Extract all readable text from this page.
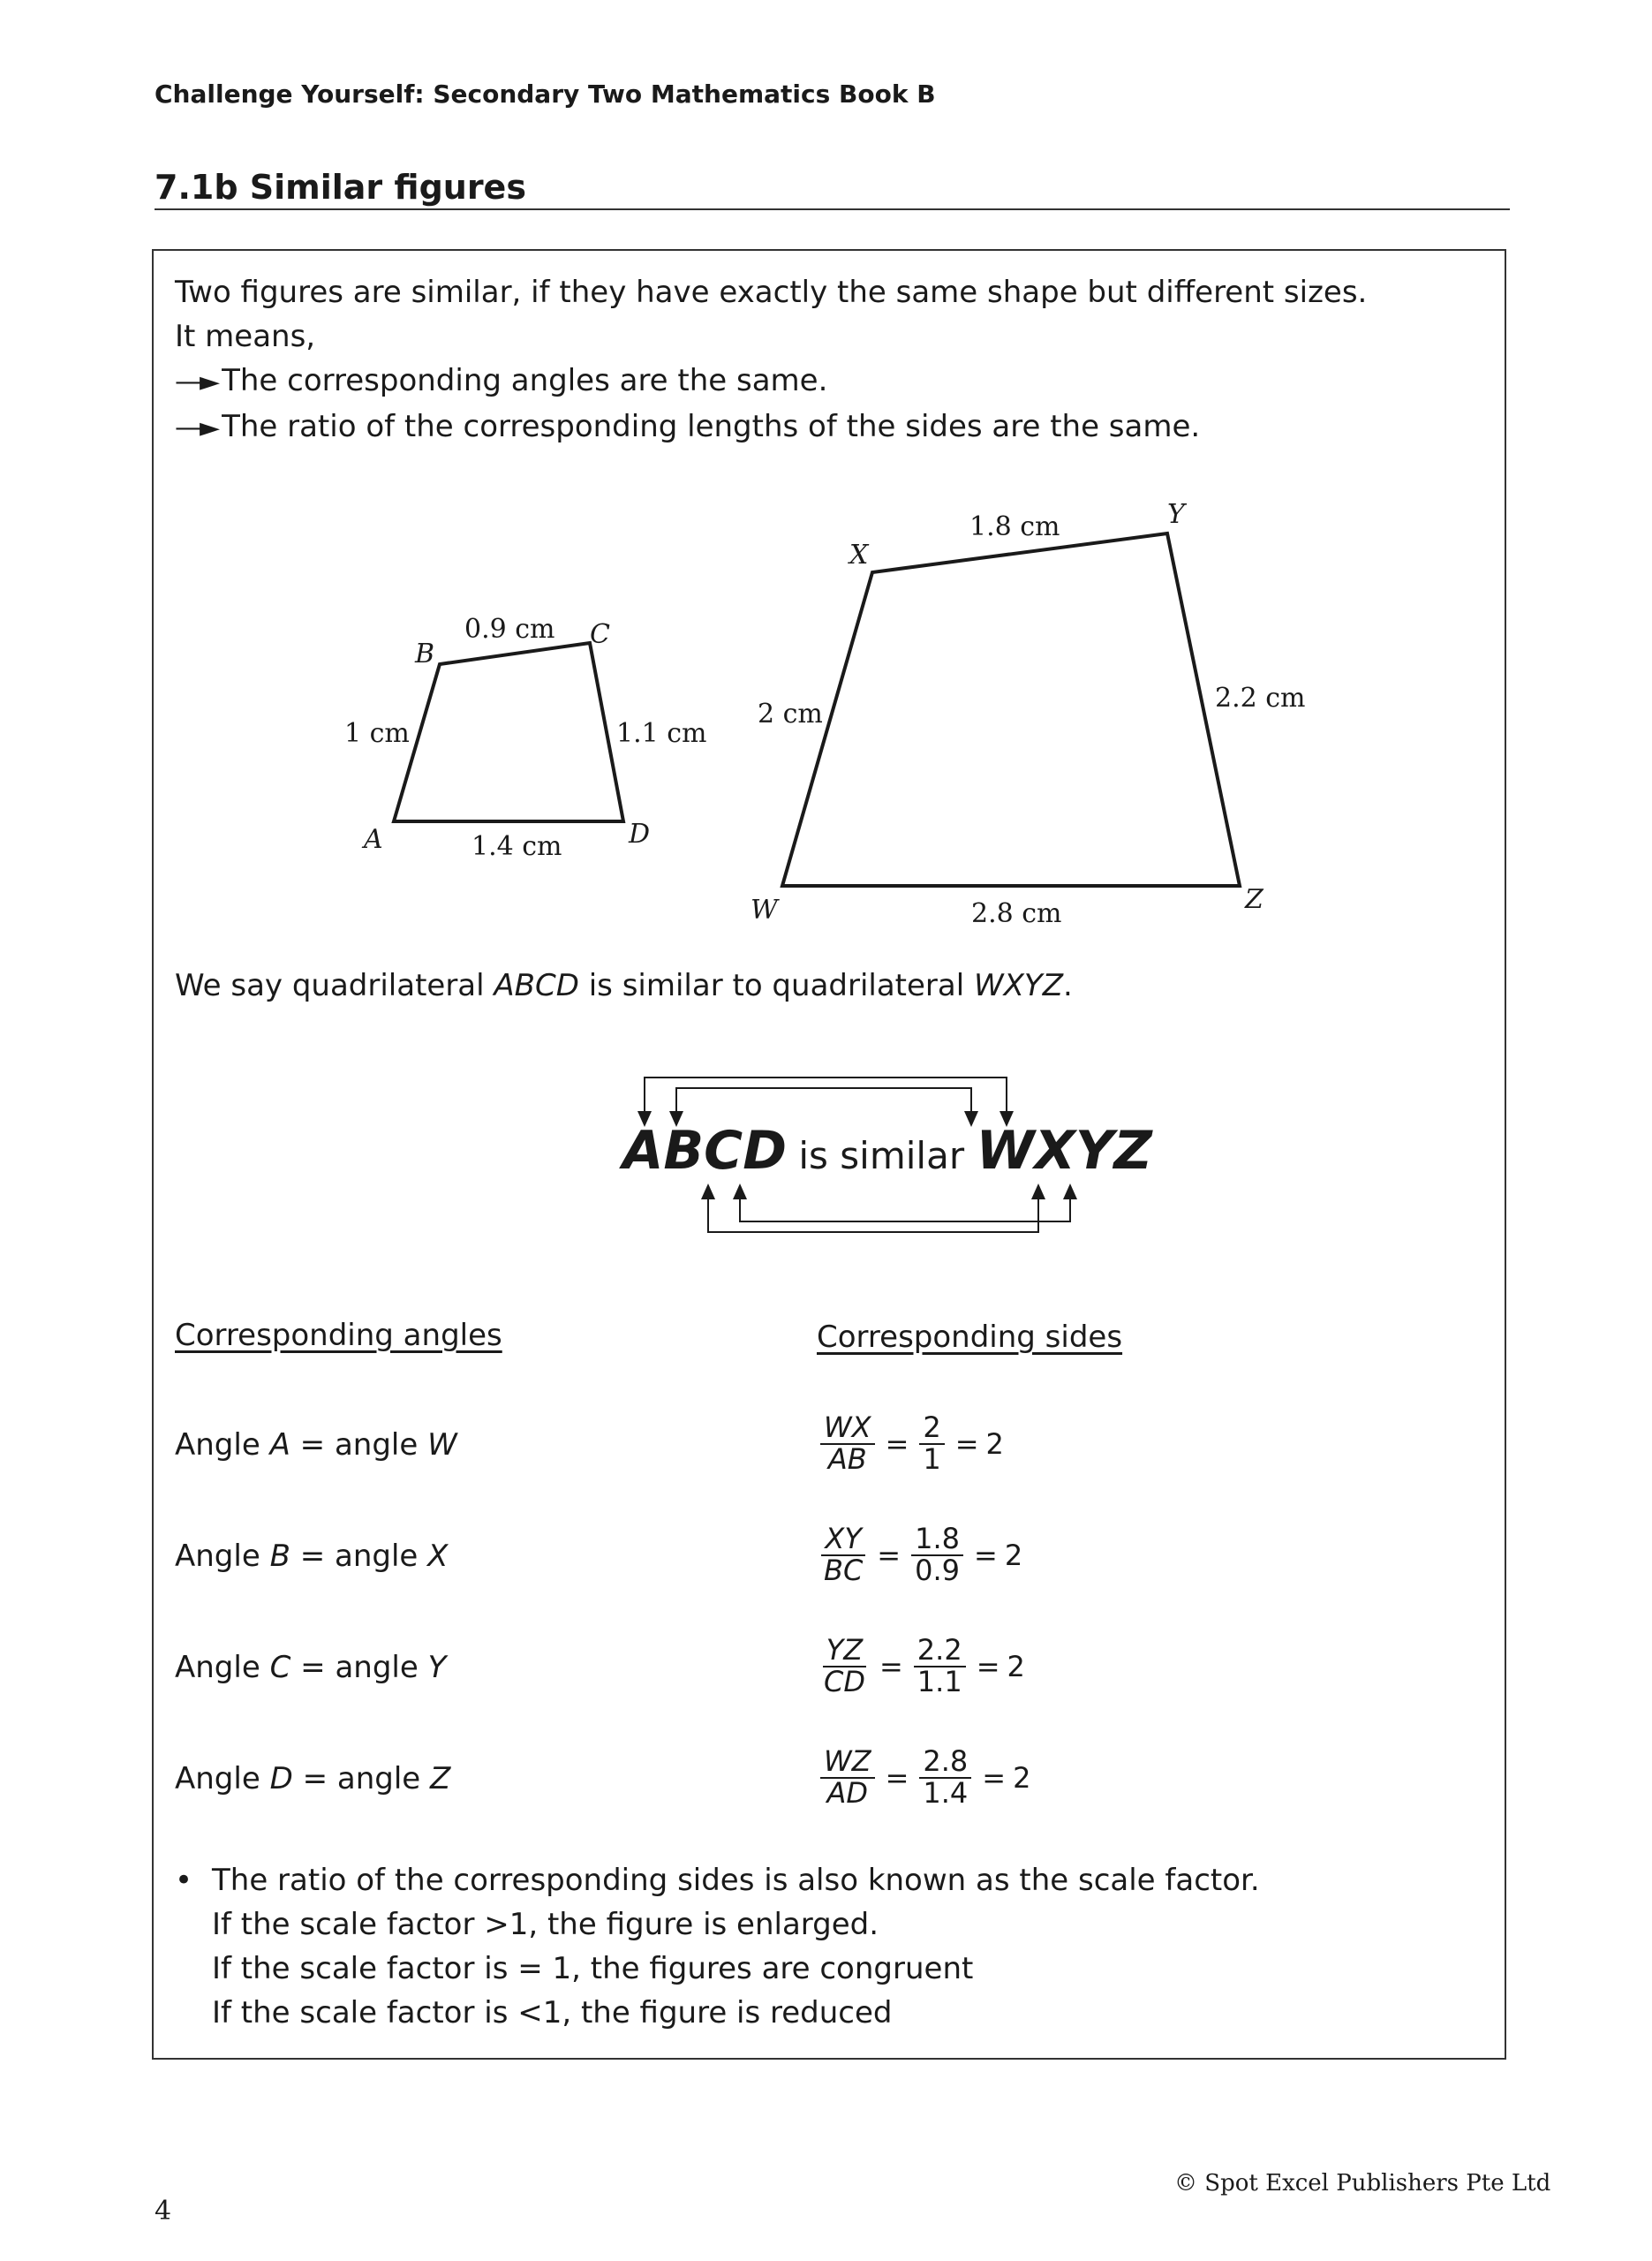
Challenge Yourself: Secondary Two Mathematics Book B
7.1b Similar figures
Two figures are similar, if they have exactly the same shape but different sizes.
It means,
—► The corresponding angles are the same.
—► The ratio of the corresponding lengths of the sides are the same.
A
B
C
D
0.9 cm
1 cm	1.1 cm
1.4 cm
W
X
Y
Z
1.8 cm
2 cm
2.2 cm
2.8 cm
We say quadrilateral ABCD is similar to quadrilateral WXYZ.
ABCD is similar WXYZ
Corresponding angles	Corresponding sides
Angle A = angle W
Angle B = angle X
Angle C = angle Y
Angle D = angle Z
$\frac{WX}{AB} = \frac{2}{1} = 2$
$\frac{XY}{BC} = \frac{1.8}{0.9} = 2$
$\frac{YZ}{CD} = \frac{2.2}{1.1} = 2$
$\frac{WZ}{AD} = \frac{2.8}{1.4} = 2$
• The ratio of the corresponding sides is also known as the scale factor.
If the scale factor >1, the figure is enlarged.
If the scale factor is = 1, the figures are congruent
If the scale factor is <1, the figure is reduced
4
© Spot Excel Publishers Pte Ltd
